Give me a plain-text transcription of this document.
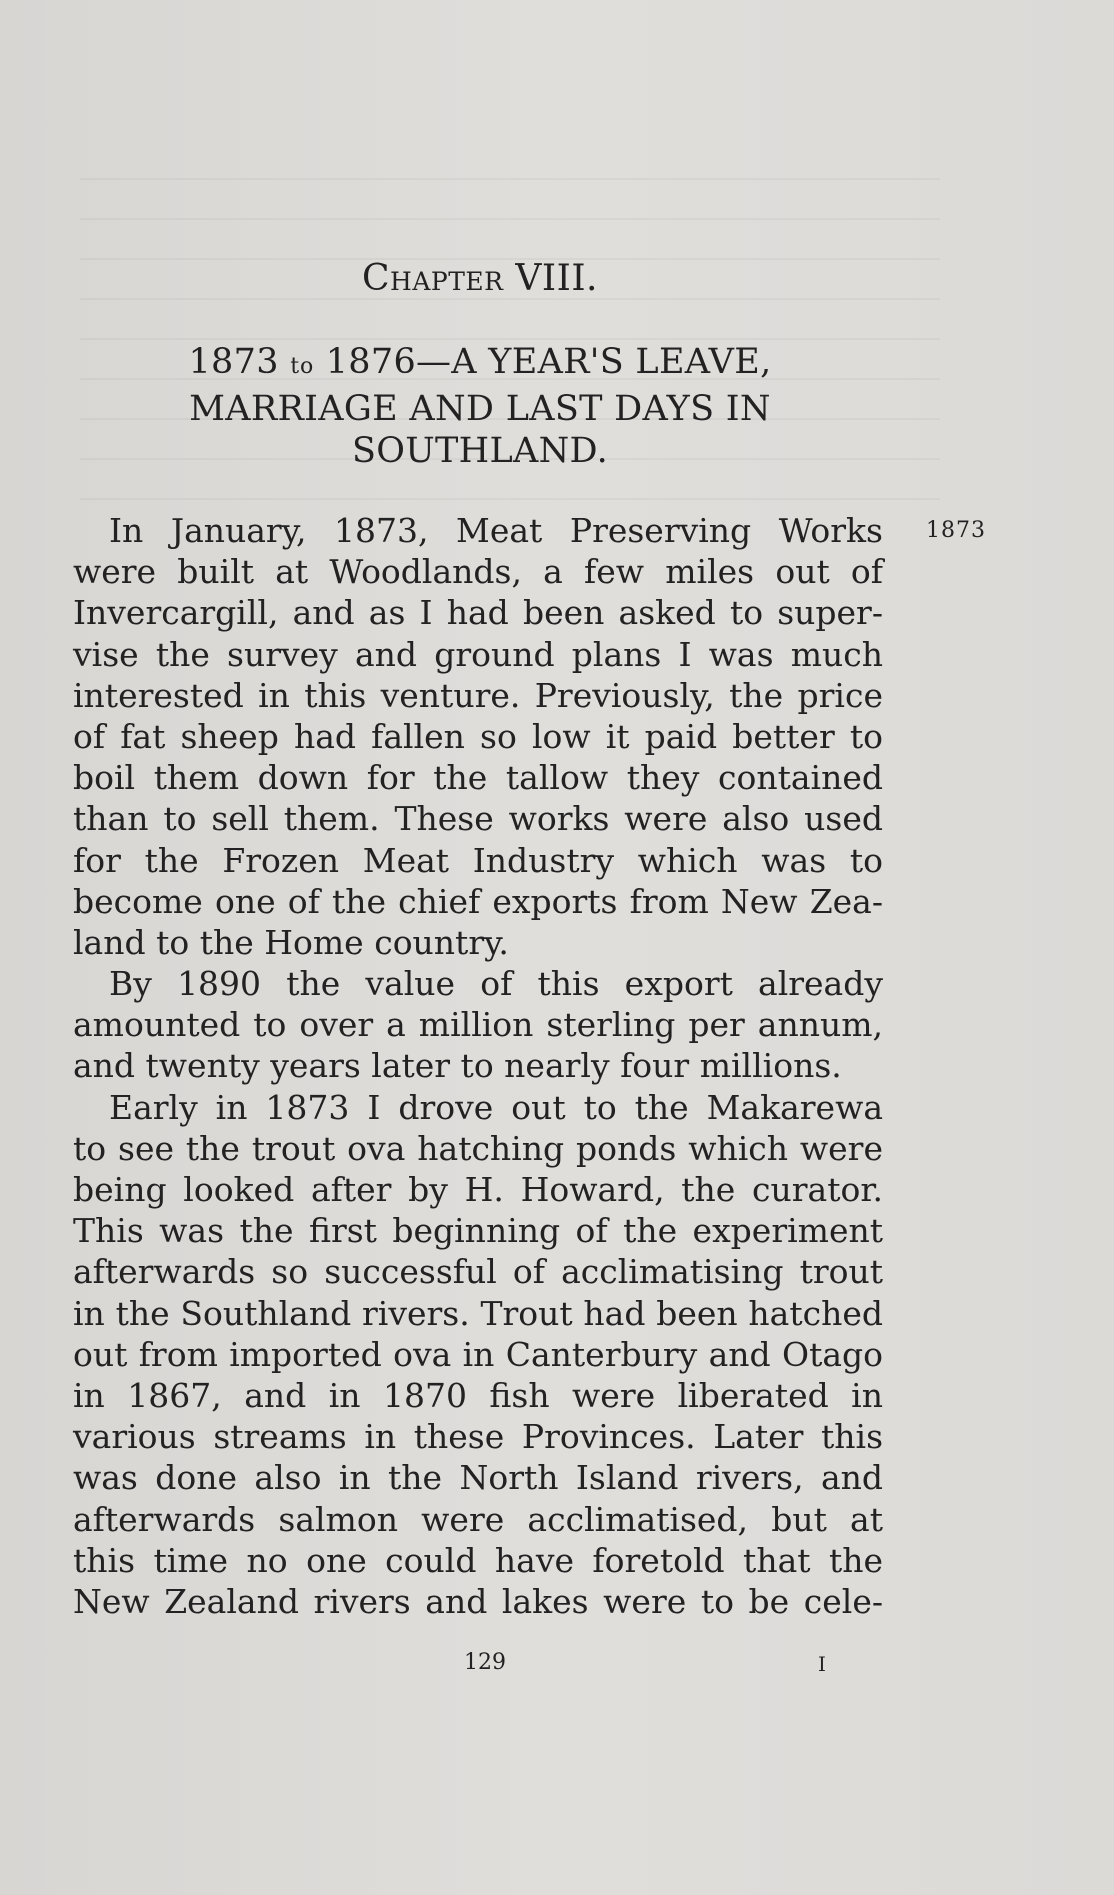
Chapter VIII.
1873 to 1876—A YEAR'S LEAVE,
MARRIAGE AND LAST DAYS IN
SOUTHLAND.
1873
In January, 1873, Meat Preserving Works
were built at Woodlands, a few miles out of
Invercargill, and as I had been asked to super-
vise the survey and ground plans I was much
interested in this venture. Previously, the price
of fat sheep had fallen so low it paid better to
boil them down for the tallow they contained
than to sell them. These works were also used
for the Frozen Meat Industry which was to
become one of the chief exports from New Zea-
land to the Home country.
By 1890 the value of this export already
amounted to over a million sterling per annum,
and twenty years later to nearly four millions.
Early in 1873 I drove out to the Makarewa
to see the trout ova hatching ponds which were
being looked after by H. Howard, the curator.
This was the first beginning of the experiment
afterwards so successful of acclimatising trout
in the Southland rivers. Trout had been hatched
out from imported ova in Canterbury and Otago
in 1867, and in 1870 fish were liberated in
various streams in these Provinces. Later this
was done also in the North Island rivers, and
afterwards salmon were acclimatised, but at
this time no one could have foretold that the
New Zealand rivers and lakes were to be cele-
129	I
